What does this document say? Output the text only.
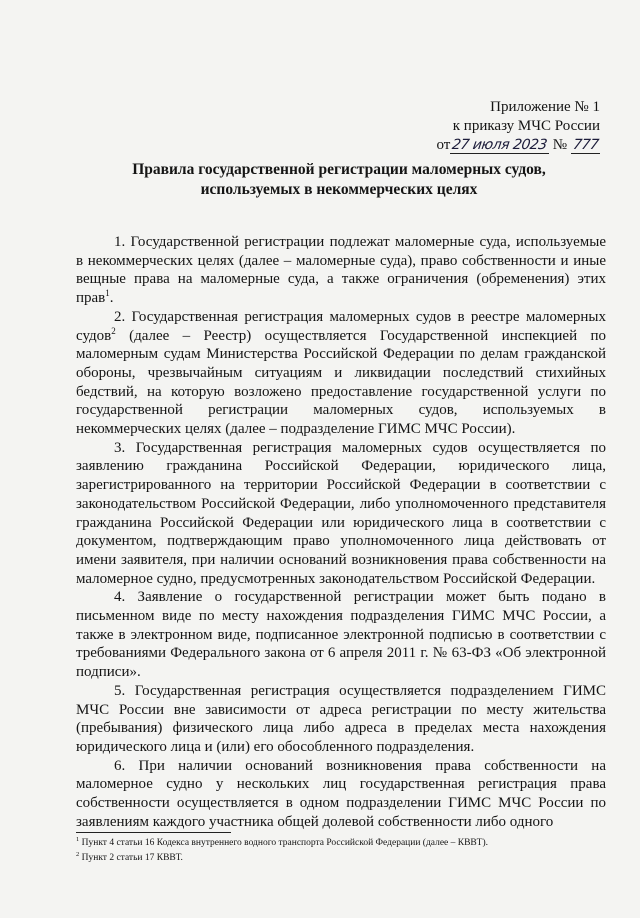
Приложение № 1
к приказу МЧС России
от27 июля 2023 № 777
Правила государственной регистрации маломерных судов,
используемых в некоммерческих целях

1. Государственной регистрации подлежат маломерные суда, используемые в некоммерческих целях (далее – маломерные суда), право собственности и иные вещные права на маломерные суда, а также ограничения (обременения) этих прав$^1$.

2. Государственная регистрация маломерных судов в реестре маломерных судов$^2$ (далее – Реестр) осуществляется Государственной инспекцией по маломерным судам Министерства Российской Федерации по делам гражданской обороны, чрезвычайным ситуациям и ликвидации последствий стихийных бедствий, на которую возложено предоставление государственной услуги по государственной регистрации маломерных судов, используемых в некоммерческих целях (далее – подразделение ГИМС МЧС России).

3. Государственная регистрация маломерных судов осуществляется по заявлению гражданина Российской Федерации, юридического лица, зарегистрированного на территории Российской Федерации в соответствии с законодательством Российской Федерации, либо уполномоченного представителя гражданина Российской Федерации или юридического лица в соответствии с документом, подтверждающим право уполномоченного лица действовать от имени заявителя, при наличии оснований возникновения права собственности на маломерное судно, предусмотренных законодательством Российской Федерации.

4. Заявление о государственной регистрации может быть подано в письменном виде по месту нахождения подразделения ГИМС МЧС России, а также в электронном виде, подписанное электронной подписью в соответствии с требованиями Федерального закона от 6 апреля 2011 г. № 63-ФЗ «Об электронной подписи».

5. Государственная регистрация осуществляется подразделением ГИМС МЧС России вне зависимости от адреса регистрации по месту жительства (пребывания) физического лица либо адреса в пределах места нахождения юридического лица и (или) его обособленного подразделения.

6. При наличии оснований возникновения права собственности на маломерное судно у нескольких лиц государственная регистрация права собственности осуществляется в одном подразделении ГИМС МЧС России по заявлениям каждого участника общей долевой собственности либо одного

$^1$ Пункт 4 статьи 16 Кодекса внутреннего водного транспорта Российской Федерации (далее – КВВТ).
$^2$ Пункт 2 статьи 17 КВВТ.
